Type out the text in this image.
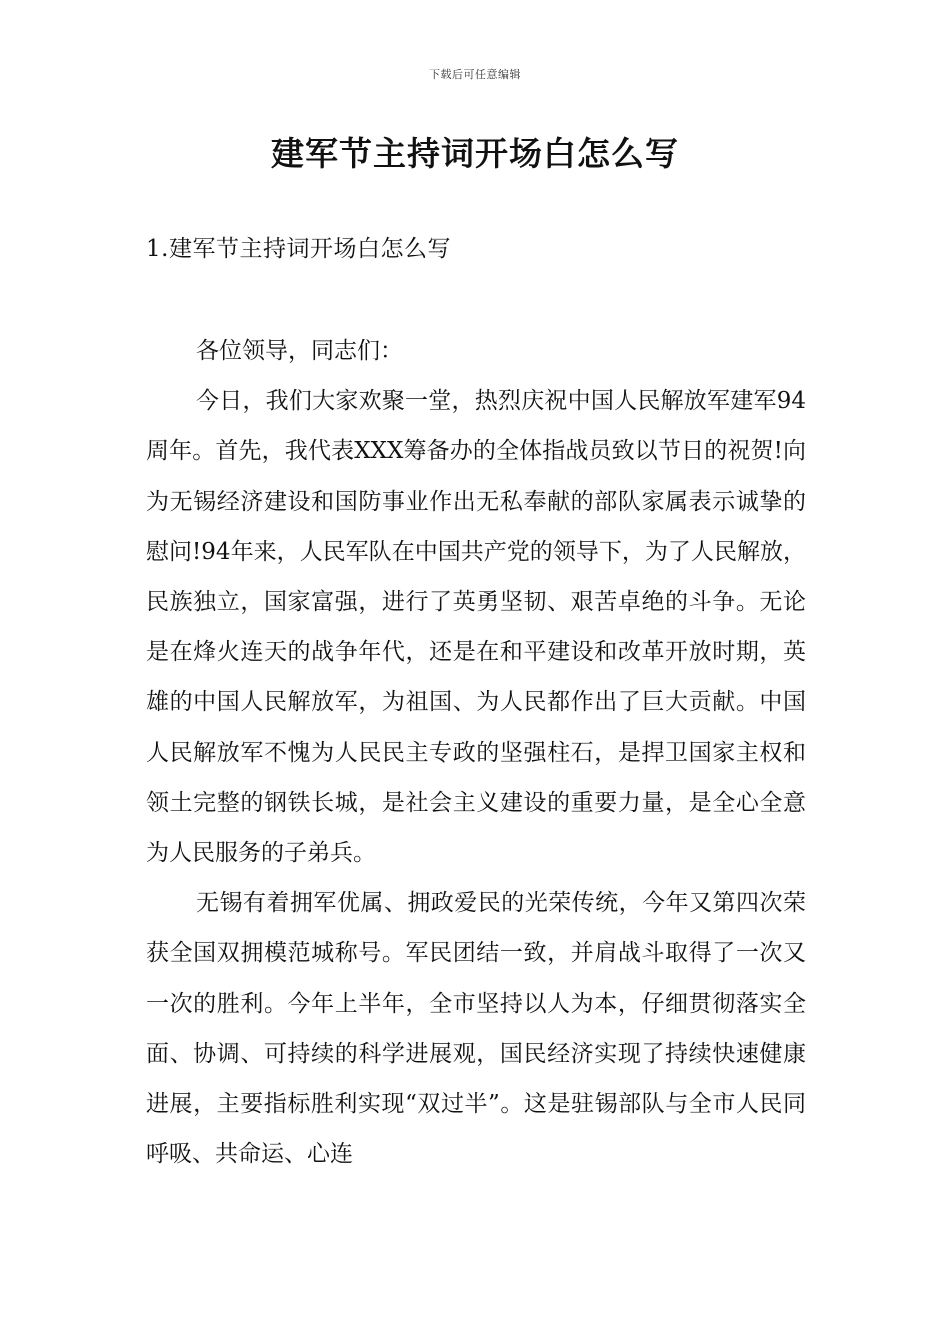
下载后可任意编辑
建军节主持词开场白怎么写
1.建军节主持词开场白怎么写

各位领导，同志们：

今日，我们大家欢聚一堂，热烈庆祝中国人民解放军建军94周年。首先，我代表XXX筹备办的全体指战员致以节日的祝贺!向为无锡经济建设和国防事业作出无私奉献的部队家属表示诚挚的慰问!94年来，人民军队在中国共产党的领导下，为了人民解放，民族独立，国家富强，进行了英勇坚韧、艰苦卓绝的斗争。无论是在烽火连天的战争年代，还是在和平建设和改革开放时期，英雄的中国人民解放军，为祖国、为人民都作出了巨大贡献。中国人民解放军不愧为人民民主专政的坚强柱石，是捍卫国家主权和领土完整的钢铁长城，是社会主义建设的重要力量，是全心全意为人民服务的子弟兵。

无锡有着拥军优属、拥政爱民的光荣传统，今年又第四次荣获全国双拥模范城称号。军民团结一致，并肩战斗取得了一次又一次的胜利。今年上半年，全市坚持以人为本，仔细贯彻落实全面、协调、可持续的科学进展观，国民经济实现了持续快速健康进展，主要指标胜利实现“双过半”。这是驻锡部队与全市人民同呼吸、共命运、心连
